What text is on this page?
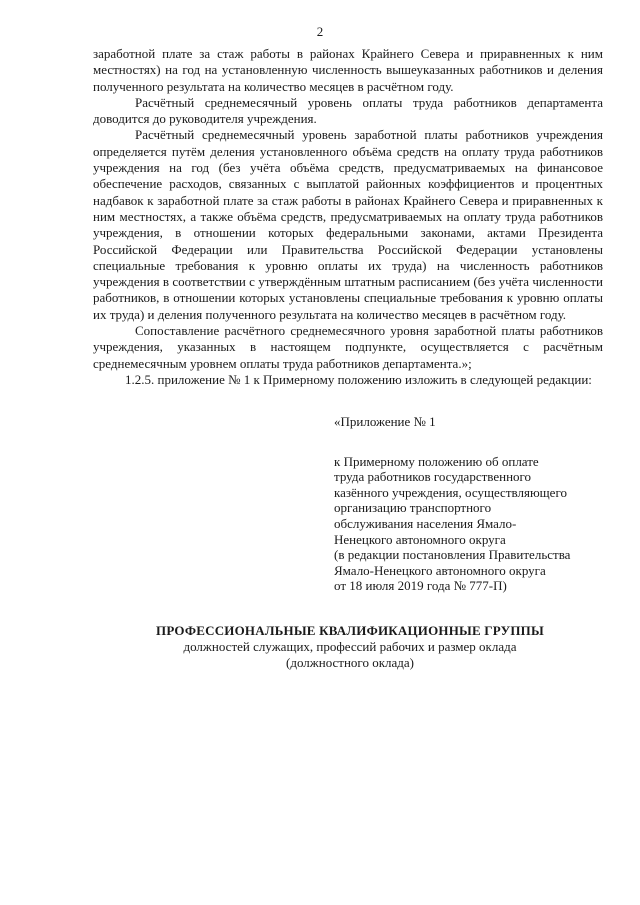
2

заработной плате за стаж работы в районах Крайнего Севера и приравненных к ним местностях) на год на установленную численность вышеуказанных работников и деления полученного результата на количество месяцев в расчётном году.

Расчётный среднемесячный уровень оплаты труда работников департамента доводится до руководителя учреждения.

Расчётный среднемесячный уровень заработной платы работников учреждения определяется путём деления установленного объёма средств на оплату труда работников учреждения на год (без учёта объёма средств, предусматриваемых на финансовое обеспечение расходов, связанных с выплатой районных коэффициентов и процентных надбавок к заработной плате за стаж работы в районах Крайнего Севера и приравненных к ним местностях, а также объёма средств, предусматриваемых на оплату труда работников учреждения, в отношении которых федеральными законами, актами Президента Российской Федерации или Правительства Российской Федерации установлены специальные требования к уровню оплаты их труда) на численность работников учреждения в соответствии с утверждённым штатным расписанием (без учёта численности работников, в отношении которых установлены специальные требования к уровню оплаты их труда) и деления полученного результата на количество месяцев в расчётном году.

Сопоставление расчётного среднемесячного уровня заработной платы работников учреждения, указанных в настоящем подпункте, осуществляется с расчётным среднемесячным уровнем оплаты труда работников департамента.»;

1.2.5. приложение № 1 к Примерному положению изложить в следующей редакции:

«Приложение № 1
к Примерному положению об оплате
труда работников государственного
казённого учреждения, осуществляющего
организацию транспортного
обслуживания населения Ямало-
Ненецкого автономного округа
(в редакции постановления Правительства
Ямало-Ненецкого автономного округа
от 18 июля 2019 года № 777-П)
ПРОФЕССИОНАЛЬНЫЕ КВАЛИФИКАЦИОННЫЕ ГРУППЫ
должностей служащих, профессий рабочих и размер оклада
(должностного оклада)
